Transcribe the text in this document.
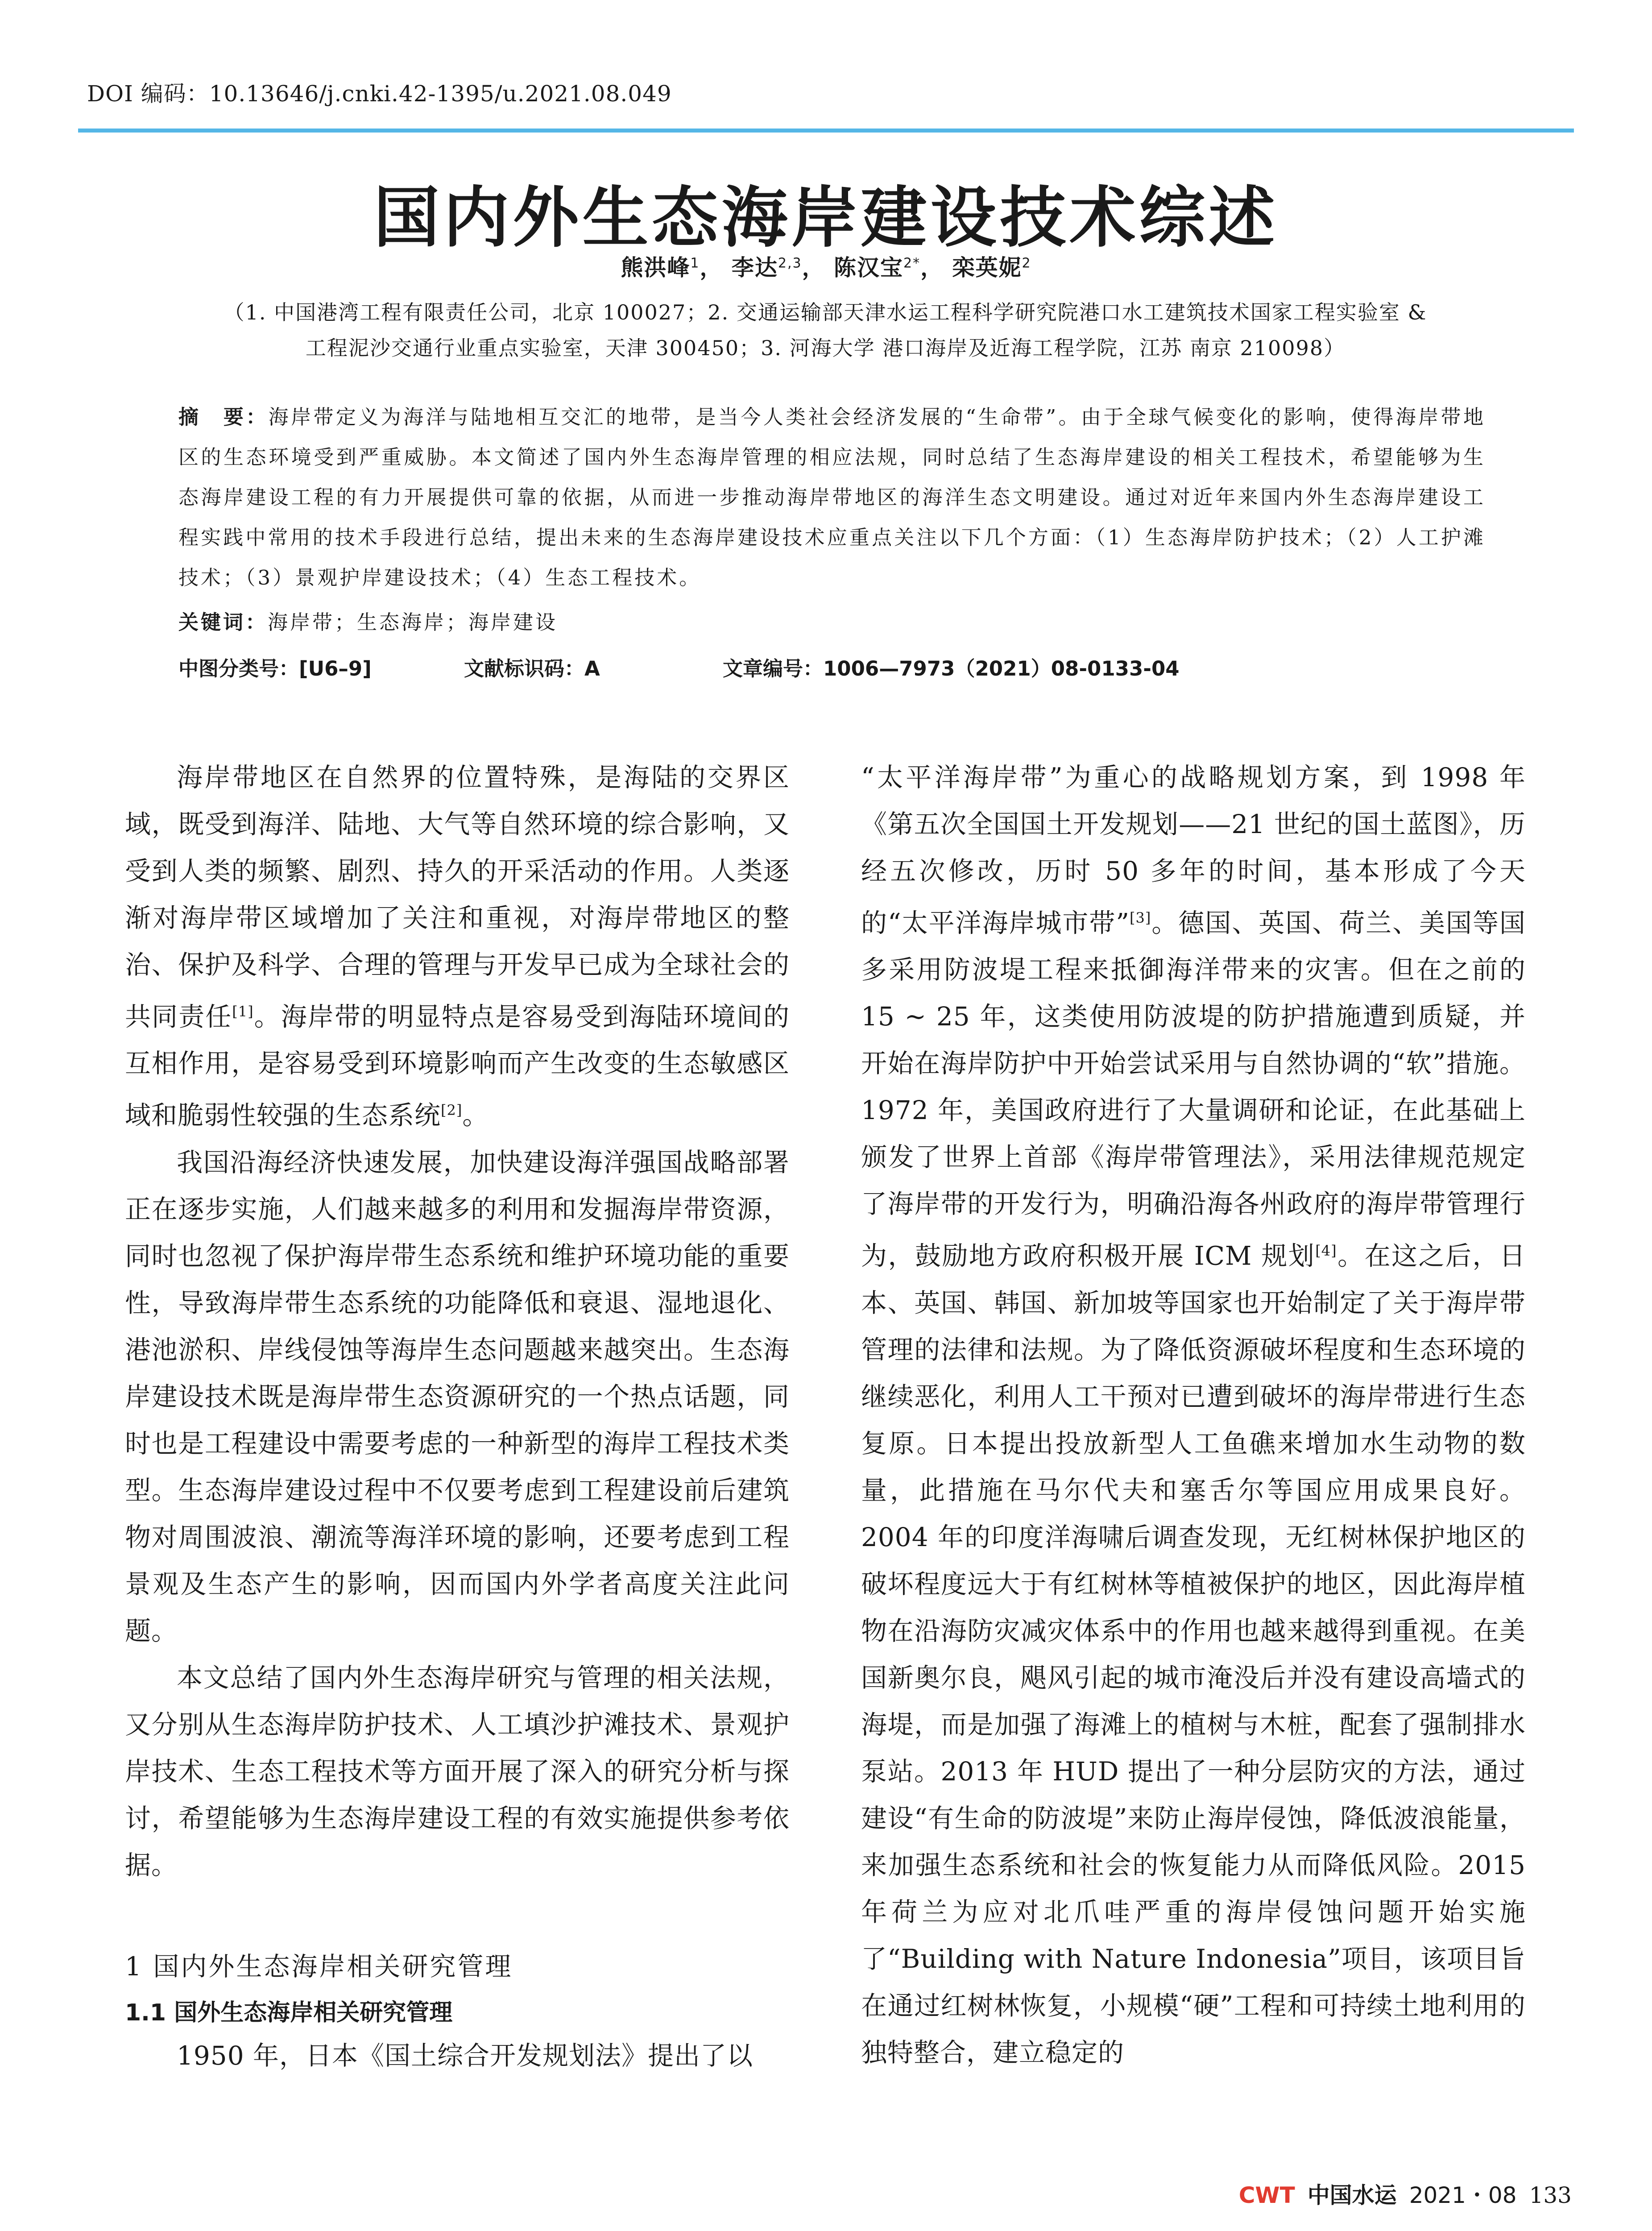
DOI 编码：10.13646/j.cnki.42-1395/u.2021.08.049
国内外生态海岸建设技术综述
熊洪峰$^1$， 李达$^{2,3}$， 陈汉宝$^{2*}$， 栾英妮$^2$
（1. 中国港湾工程有限责任公司，北京 100027；2. 交通运输部天津水运工程科学研究院港口水工建筑技术国家工程实验室 &
工程泥沙交通行业重点实验室，天津 300450；3. 河海大学 港口海岸及近海工程学院，江苏 南京 210098）
摘　要：海岸带定义为海洋与陆地相互交汇的地带，是当今人类社会经济发展的“生命带”。由于全球气候变化的影响，使得海岸带地区的生态环境受到严重威胁。本文简述了国内外生态海岸管理的相应法规，同时总结了生态海岸建设的相关工程技术，希望能够为生态海岸建设工程的有力开展提供可靠的依据，从而进一步推动海岸带地区的海洋生态文明建设。通过对近年来国内外生态海岸建设工程实践中常用的技术手段进行总结，提出未来的生态海岸建设技术应重点关注以下几个方面：（1）生态海岸防护技术；（2）人工护滩技术；（3）景观护岸建设技术；（4）生态工程技术。
关键词：海岸带；生态海岸；海岸建设
中图分类号：[U6–9]	文献标识码：A	文章编号：1006—7973（2021）08-0133-04

海岸带地区在自然界的位置特殊，是海陆的交界区域，既受到海洋、陆地、大气等自然环境的综合影响，又受到人类的频繁、剧烈、持久的开采活动的作用。人类逐渐对海岸带区域增加了关注和重视，对海岸带地区的整治、保护及科学、合理的管理与开发早已成为全球社会的共同责任[1]。海岸带的明显特点是容易受到海陆环境间的互相作用，是容易受到环境影响而产生改变的生态敏感区域和脆弱性较强的生态系统[2]。

我国沿海经济快速发展，加快建设海洋强国战略部署正在逐步实施，人们越来越多的利用和发掘海岸带资源，同时也忽视了保护海岸带生态系统和维护环境功能的重要性，导致海岸带生态系统的功能降低和衰退、湿地退化、港池淤积、岸线侵蚀等海岸生态问题越来越突出。生态海岸建设技术既是海岸带生态资源研究的一个热点话题，同时也是工程建设中需要考虑的一种新型的海岸工程技术类型。生态海岸建设过程中不仅要考虑到工程建设前后建筑物对周围波浪、潮流等海洋环境的影响，还要考虑到工程景观及生态产生的影响，因而国内外学者高度关注此问题。

本文总结了国内外生态海岸研究与管理的相关法规，又分别从生态海岸防护技术、人工填沙护滩技术、景观护岸技术、生态工程技术等方面开展了深入的研究分析与探讨，希望能够为生态海岸建设工程的有效实施提供参考依据。

1 国内外生态海岸相关研究管理
1.1 国外生态海岸相关研究管理

1950 年，日本《国土综合开发规划法》提出了以

“太平洋海岸带”为重心的战略规划方案，到 1998 年《第五次全国国土开发规划——21 世纪的国土蓝图》，历经五次修改，历时 50 多年的时间，基本形成了今天的“太平洋海岸城市带”[3]。德国、英国、荷兰、美国等国多采用防波堤工程来抵御海洋带来的灾害。但在之前的 15 ~ 25 年，这类使用防波堤的防护措施遭到质疑，并开始在海岸防护中开始尝试采用与自然协调的“软”措施。1972 年，美国政府进行了大量调研和论证，在此基础上颁发了世界上首部《海岸带管理法》，采用法律规范规定了海岸带的开发行为，明确沿海各州政府的海岸带管理行为，鼓励地方政府积极开展 ICM 规划[4]。在这之后，日本、英国、韩国、新加坡等国家也开始制定了关于海岸带管理的法律和法规。为了降低资源破坏程度和生态环境的继续恶化，利用人工干预对已遭到破坏的海岸带进行生态复原。日本提出投放新型人工鱼礁来增加水生动物的数量，此措施在马尔代夫和塞舌尔等国应用成果良好。2004 年的印度洋海啸后调查发现，无红树林保护地区的破坏程度远大于有红树林等植被保护的地区，因此海岸植物在沿海防灾减灾体系中的作用也越来越得到重视。在美国新奥尔良，飓风引起的城市淹没后并没有建设高墙式的海堤，而是加强了海滩上的植树与木桩，配套了强制排水泵站。2013 年 HUD 提出了一种分层防灾的方法，通过建设“有生命的防波堤”来防止海岸侵蚀，降低波浪能量，来加强生态系统和社会的恢复能力从而降低风险。2015 年荷兰为应对北爪哇严重的海岸侵蚀问题开始实施了“Building with Nature Indonesia”项目，该项目旨在通过红树林恢复，小规模“硬”工程和可持续土地利用的独特整合，建立稳定的

CWT 中国水运 2021・08 133
